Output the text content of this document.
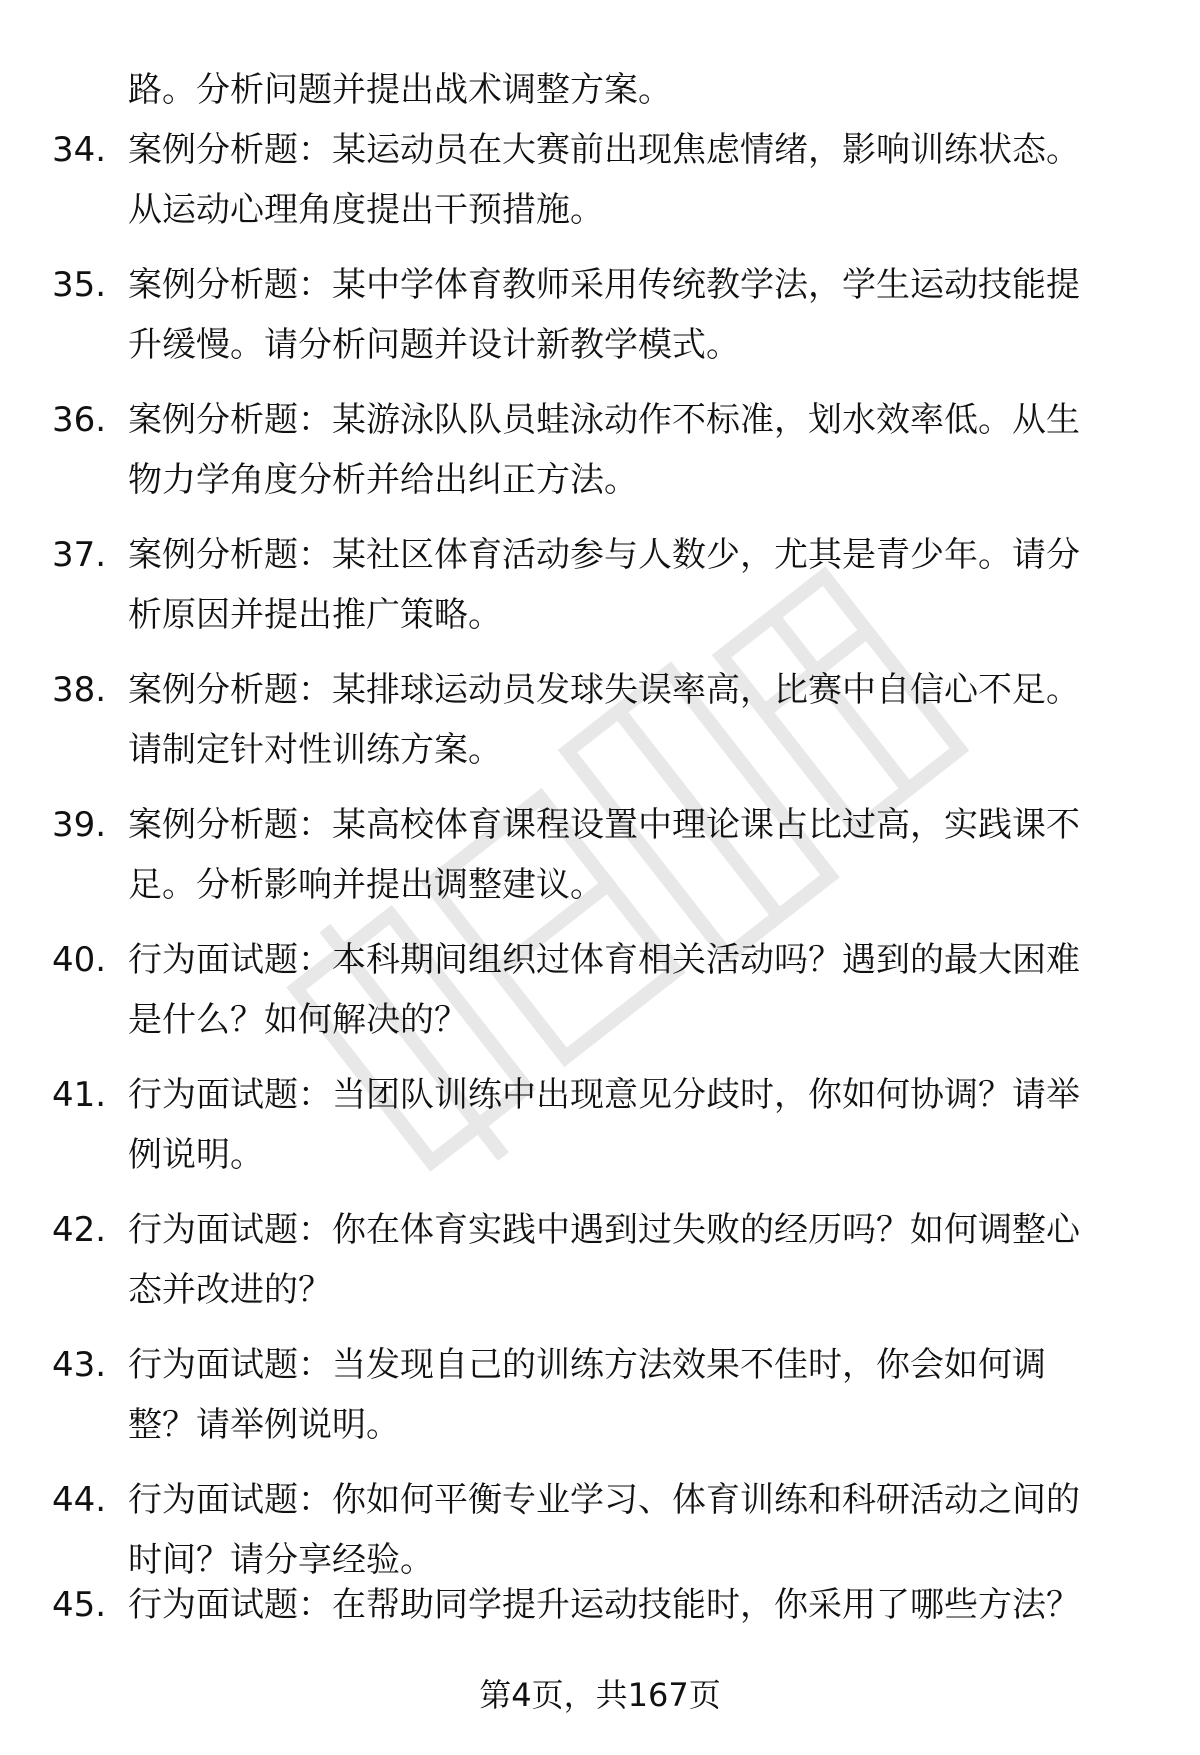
路。分析问题并提出战术调整方案。
34. 案例分析题：某运动员在大赛前出现焦虑情绪，影响训练状态。
从运动心理角度提出干预措施。
35. 案例分析题：某中学体育教师采用传统教学法，学生运动技能提
升缓慢。请分析问题并设计新教学模式。
36. 案例分析题：某游泳队队员蛙泳动作不标准，划水效率低。从生
物力学角度分析并给出纠正方法。
37. 案例分析题：某社区体育活动参与人数少，尤其是青少年。请分
析原因并提出推广策略。
38. 案例分析题：某排球运动员发球失误率高，比赛中自信心不足。
请制定针对性训练方案。
39. 案例分析题：某高校体育课程设置中理论课占比过高，实践课不
足。分析影响并提出调整建议。
40. 行为面试题：本科期间组织过体育相关活动吗？遇到的最大困难
是什么？如何解决的？
41. 行为面试题：当团队训练中出现意见分歧时，你如何协调？请举
例说明。
42. 行为面试题：你在体育实践中遇到过失败的经历吗？如何调整心
态并改进的？
43. 行为面试题：当发现自己的训练方法效果不佳时，你会如何调
整？请举例说明。
44. 行为面试题：你如何平衡专业学习、体育训练和科研活动之间的
时间？请分享经验。
45. 行为面试题：在帮助同学提升运动技能时，你采用了哪些方法？
第4页，共167页
